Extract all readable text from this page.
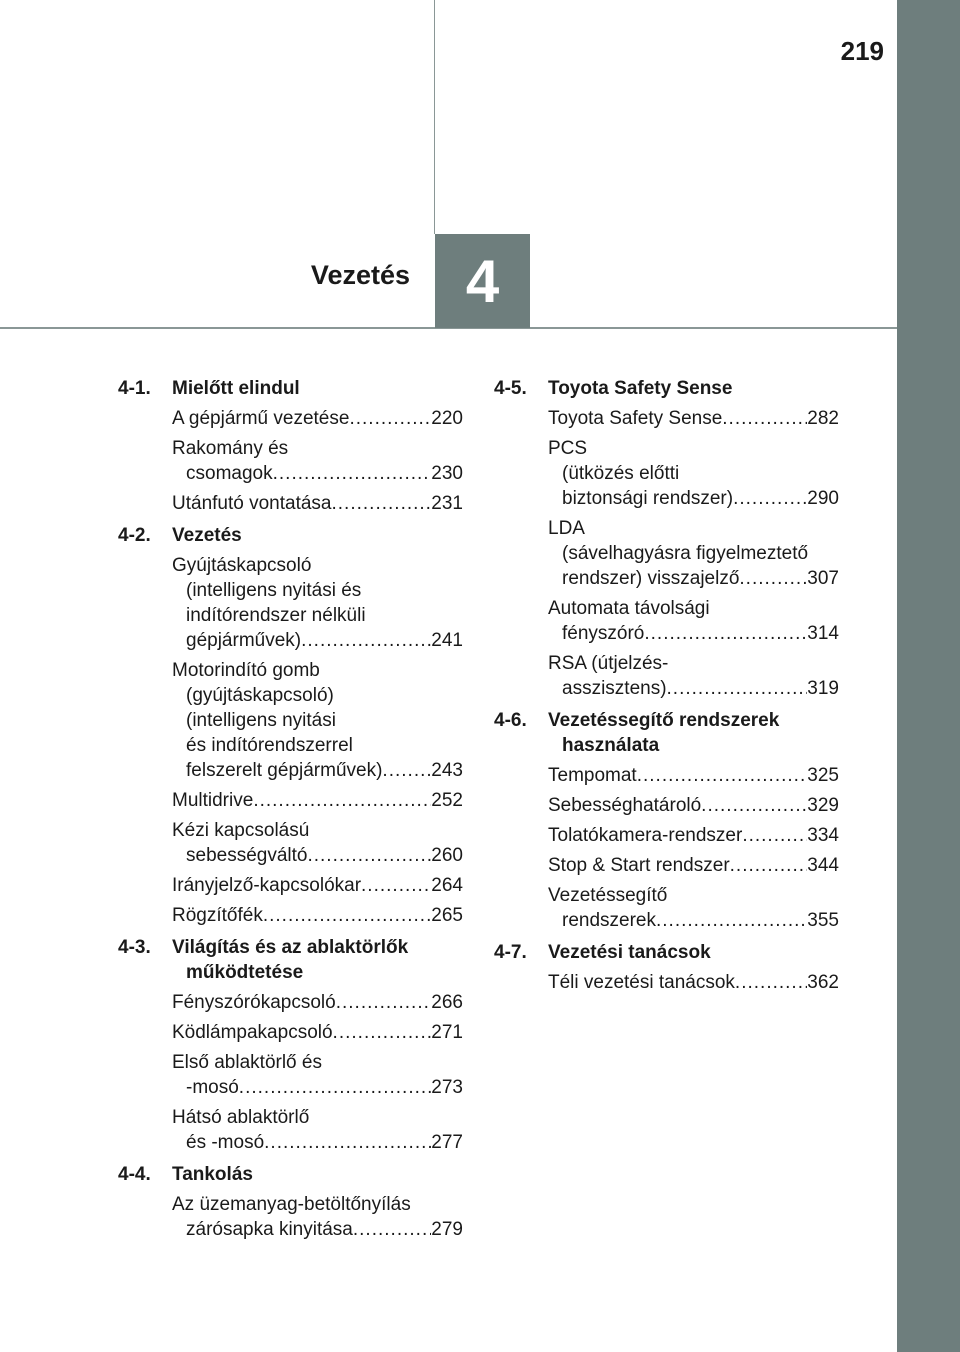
219
Vezetés 4
4-1.	Mielőtt elindul
A gépjármű vezetése .....	220
Rakomány és
csomagok .....	230
Utánfutó vontatása .....	231
4-2.	Vezetés
Gyújtáskapcsoló
(intelligens nyitási és
indítórendszer nélküli
gépjárművek) .....	241
Motorindító gomb
(gyújtáskapcsoló)
(intelligens nyitási
és indítórendszerrel
felszerelt gépjárművek) .....	243
Multidrive .....	252
Kézi kapcsolású
sebességváltó .....	260
Irányjelző-kapcsolókar .....	264
Rögzítőfék .....	265
4-3.	Világítás és az ablaktörlők működtetése
Fényszórókapcsoló .....	266
Ködlámpakapcsoló .....	271
Első ablaktörlő és
-mosó .....	273
Hátsó ablaktörlő
és -mosó .....	277
4-4.	Tankolás
Az üzemanyag-betöltőnyílás
zárósapka kinyitása .....	279
4-5.	Toyota Safety Sense
Toyota Safety Sense .....	282
PCS
(ütközés előtti
biztonsági rendszer) .....	290
LDA
(sávelhagyásra figyelmeztető
rendszer) visszajelző .....	307
Automata távolsági
fényszóró .....	314
RSA (útjelzés-
asszisztens) .....	319
4-6.	Vezetéssegítő rendszerek használata
Tempomat .....	325
Sebességhatároló .....	329
Tolatókamera-rendszer .....	334
Stop & Start rendszer .....	344
Vezetéssegítő
rendszerek .....	355
4-7.	Vezetési tanácsok
Téli vezetési tanácsok .....	362
